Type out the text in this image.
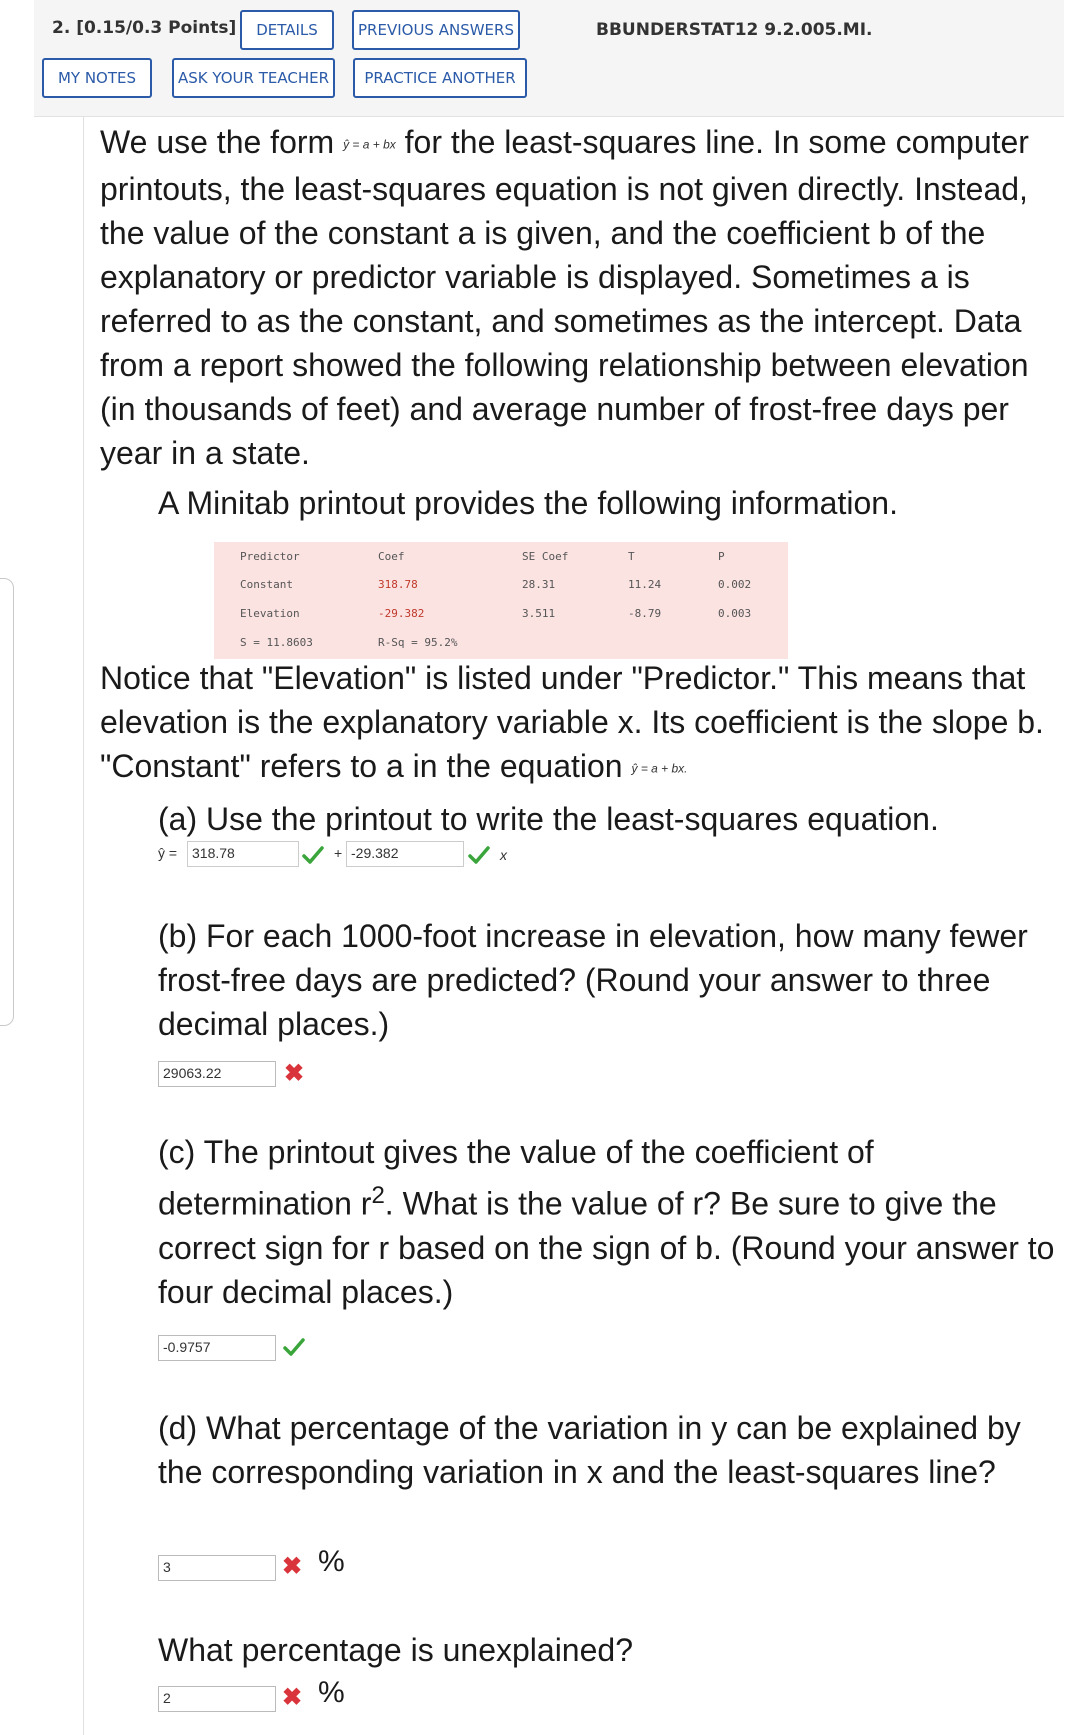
2. [0.15/0.3 Points]	DETAILS	PREVIOUS ANSWERS	BBUNDERSTAT12 9.2.005.MI.
MY NOTES	ASK YOUR TEACHER	PRACTICE ANOTHER
We use the form ŷ = a + bx for the least-squares line. In some computer printouts, the least-squares equation is not given directly. Instead, the value of the constant a is given, and the coefficient b of the explanatory or predictor variable is displayed. Sometimes a is referred to as the constant, and sometimes as the intercept. Data from a report showed the following relationship between elevation (in thousands of feet) and average number of frost-free days per year in a state.
A Minitab printout provides the following information.
Predictor	Coef	SE Coef	T	P
Constant	318.78	28.31	11.24	0.002
Elevation	-29.382	3.511	-8.79	0.003
S = 11.8603	R-Sq = 95.2%
Notice that "Elevation" is listed under "Predictor." This means that elevation is the explanatory variable x. Its coefficient is the slope b. "Constant" refers to a in the equation ŷ = a + bx.
(a) Use the printout to write the least-squares equation.
ŷ =	318.78	+ -29.382	x
(b) For each 1000-foot increase in elevation, how many fewer frost-free days are predicted? (Round your answer to three decimal places.)
29063.22	✖
(c) The printout gives the value of the coefficient of determination $r^2$. What is the value of r? Be sure to give the correct sign for r based on the sign of b. (Round your answer to four decimal places.)
-0.9757
(d) What percentage of the variation in y can be explained by the corresponding variation in x and the least-squares line?
3	✖ %
What percentage is unexplained?
2	✖ %
